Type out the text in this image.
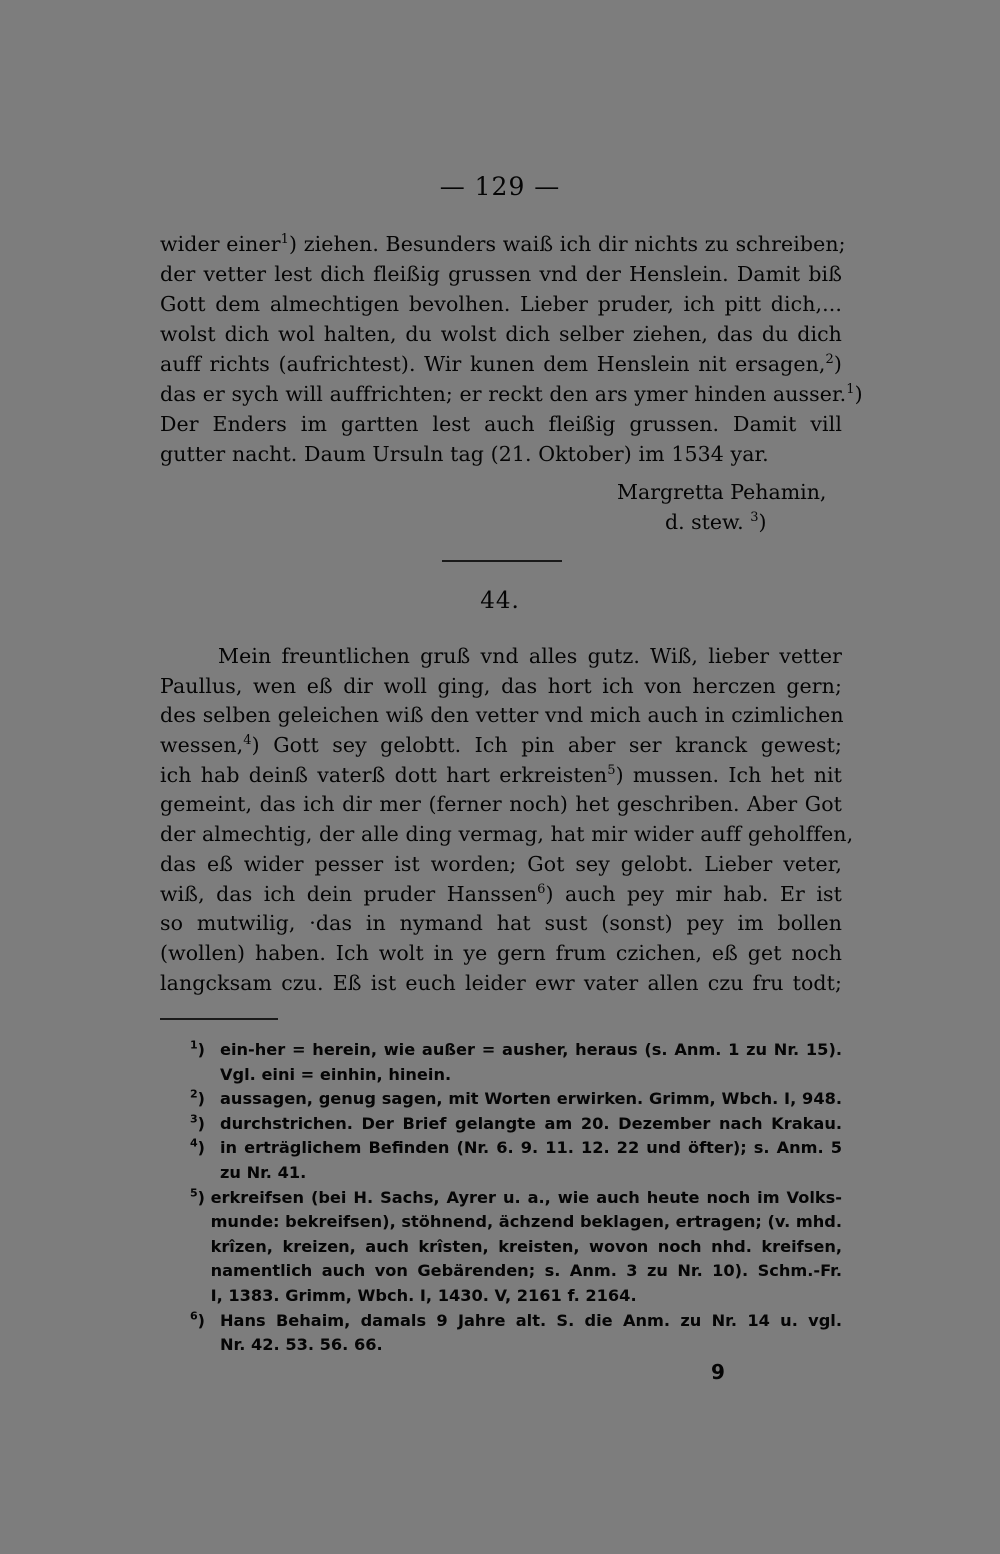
— 129 —
wider einer$^1$) ziehen. Besunders waiß ich dir nichts zu schreiben;
der vetter lest dich fleißig grussen vnd der Henslein. Damit biß
Gott dem almechtigen bevolhen. Lieber pruder, ich pitt dich,...
wolst dich wol halten, du wolst dich selber ziehen, das du dich
auff richts (aufrichtest). Wir kunen dem Henslein nit ersagen,$^2$)
das er sych will auffrichten; er reckt den ars ymer hinden ausser.$^1$)
Der Enders im gartten lest auch fleißig grussen. Damit vill
gutter nacht. Daum Ursuln tag (21. Oktober) im 1534 yar.
Margretta Pehamin,
d. stew. $^3$)
44.
Mein freuntlichen gruß vnd alles gutz. Wiß, lieber vetter
Paullus, wen eß dir woll ging, das hort ich von herczen gern;
des selben geleichen wiß den vetter vnd mich auch in czimlichen
wessen,$^4$) Gott sey gelobtt. Ich pin aber ser kranck gewest;
ich hab deinß vaterß dott hart erkreisten$^5$) mussen. Ich het nit
gemeint, das ich dir mer (ferner noch) het geschriben. Aber Got
der almechtig, der alle ding vermag, hat mir wider auff geholffen,
das eß wider pesser ist worden; Got sey gelobt. Lieber veter,
wiß, das ich dein pruder Hanssen$^6$) auch pey mir hab. Er ist
so mutwilig, ·das in nymand hat sust (sonst) pey im bollen
(wollen) haben. Ich wolt in ye gern frum czichen, eß get noch
langcksam czu. Eß ist euch leider ewr vater allen czu fru todt;
$^1$) ein-her = herein, wie außer = ausher, heraus (s. Anm. 1 zu Nr. 15).
Vgl. eini = einhin, hinein.
$^2$) aussagen, genug sagen, mit Worten erwirken. Grimm, Wbch. I, 948.
$^3$) durchstrichen. Der Brief gelangte am 20. Dezember nach Krakau.
$^4$) in erträglichem Befinden (Nr. 6. 9. 11. 12. 22 und öfter); s. Anm. 5
zu Nr. 41.
$^5$) erkreifsen (bei H. Sachs, Ayrer u. a., wie auch heute noch im Volks-
munde: bekreifsen), stöhnend, ächzend beklagen, ertragen; (v. mhd.
krîzen, kreizen, auch krîsten, kreisten, wovon noch nhd. kreifsen,
namentlich auch von Gebärenden; s. Anm. 3 zu Nr. 10). Schm.-Fr.
I, 1383. Grimm, Wbch. I, 1430. V, 2161 f. 2164.
$^6$) Hans Behaim, damals 9 Jahre alt. S. die Anm. zu Nr. 14 u. vgl.
Nr. 42. 53. 56. 66.
9
